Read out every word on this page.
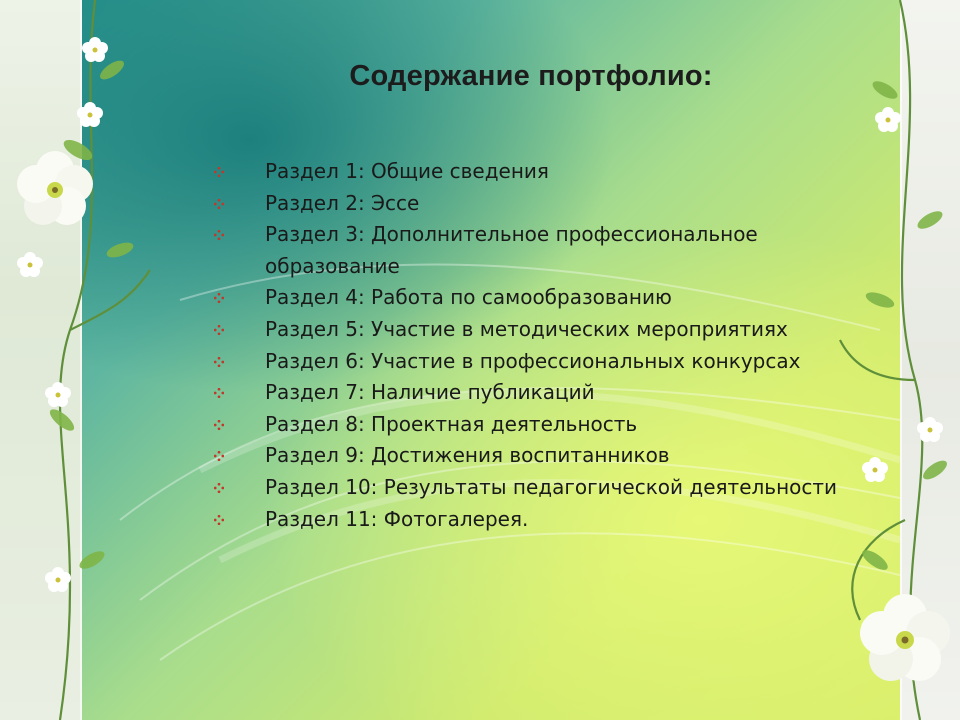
Содержание портфолио:
Раздел 1: Общие сведения
Раздел 2: Эссе
Раздел 3: Дополнительное профессиональное образование
Раздел 4: Работа по самообразованию
Раздел 5: Участие в методических мероприятиях
Раздел 6: Участие в профессиональных конкурсах
Раздел 7: Наличие публикаций
Раздел 8: Проектная деятельность
Раздел 9: Достижения воспитанников
Раздел 10: Результаты педагогической деятельности
Раздел 11: Фотогалерея.
